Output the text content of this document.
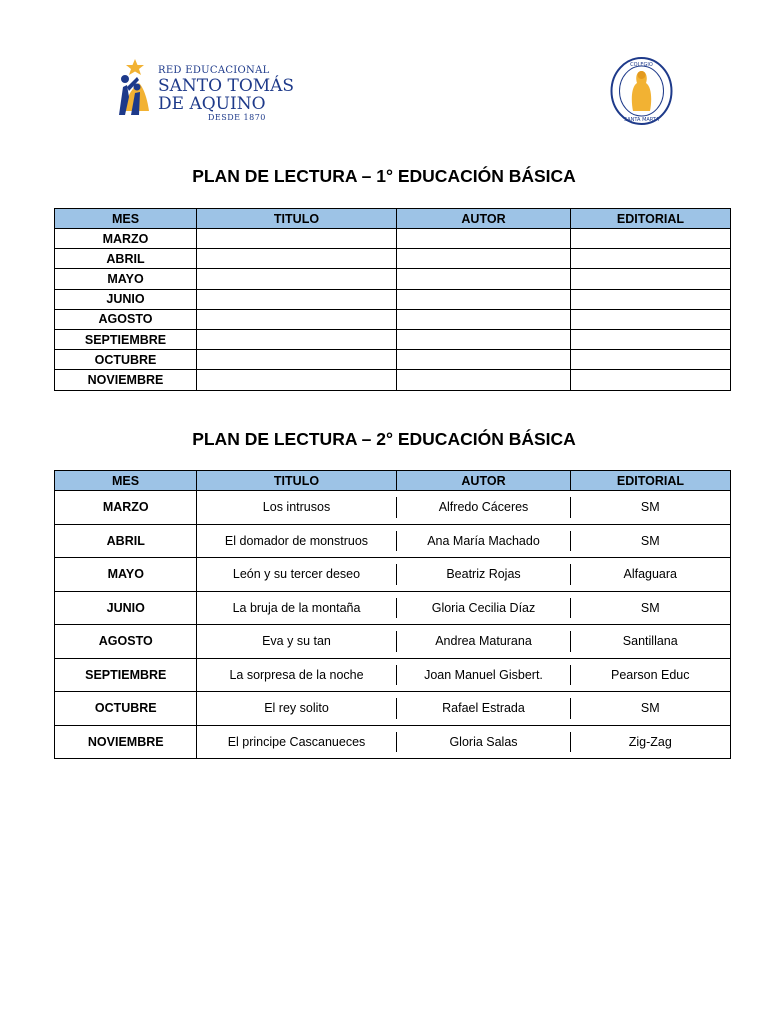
RED EDUCACIONAL
SANTO TOMÁS
DE AQUINO
DESDE 1870
COLEGIO
SANTA MARTA
PLAN DE LECTURA – 1° EDUCACIÓN BÁSICA
MES	TITULO	AUTOR	EDITORIAL
MARZO			
ABRIL			
MAYO			
JUNIO			
AGOSTO			
SEPTIEMBRE			
OCTUBRE			
NOVIEMBRE			
PLAN DE LECTURA – 2° EDUCACIÓN BÁSICA
MES	TITULO	AUTOR	EDITORIAL
MARZO	Los intrusos	Alfredo Cáceres	SM
ABRIL	El domador de monstruos	Ana María Machado	SM
MAYO	León y su tercer deseo	Beatriz Rojas	Alfaguara
JUNIO	La bruja de la montaña	Gloria Cecilia Díaz	SM
AGOSTO	Eva y su tan	Andrea Maturana	Santillana
SEPTIEMBRE	La sorpresa de la noche	Joan Manuel Gisbert.	Pearson Educ
OCTUBRE	El rey solito	Rafael Estrada	SM
NOVIEMBRE	El principe Cascanueces	Gloria Salas	Zig-Zag
